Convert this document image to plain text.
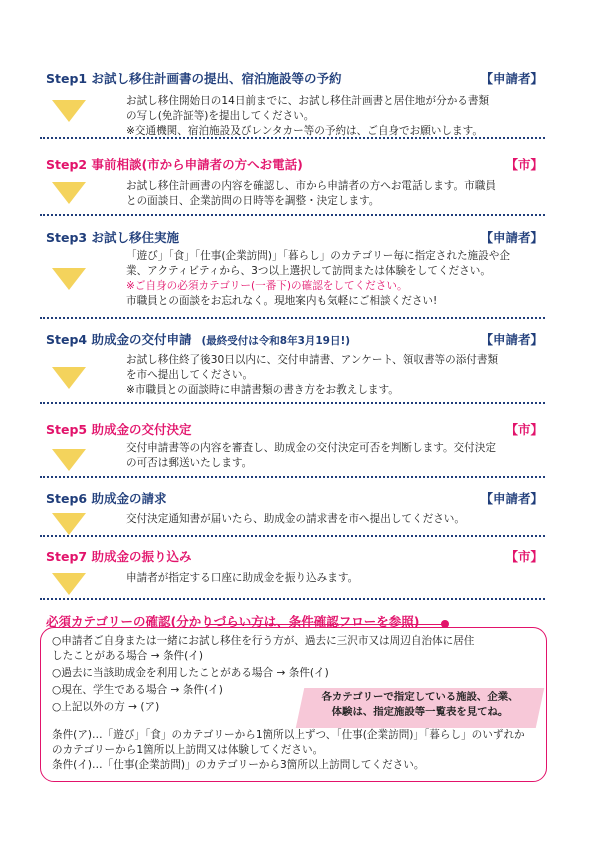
Step1 お試し移住計画書の提出、宿泊施設等の予約	【申請者】
お試し移住開始日の14日前までに、お試し移住計画書と居住地が分かる書類
の写し(免許証等)を提出してください。
※交通機関、宿泊施設及びレンタカー等の予約は、ご自身でお願いします。
Step2 事前相談(市から申請者の方へお電話)	【市】
お試し移住計画書の内容を確認し、市から申請者の方へお電話します。市職員
との面談日、企業訪問の日時等を調整・決定します。
Step3 お試し移住実施	【申請者】
「遊び」「食」「仕事(企業訪問)」「暮らし」のカテゴリー毎に指定された施設や企
業、アクティビティから、3つ以上選択して訪問または体験をしてください。
※ご自身の必須カテゴリー(一番下)の確認をしてください。
市職員との面談をお忘れなく。現地案内も気軽にご相談ください!
Step4 助成金の交付申請 (最終受付は令和8年3月19日!)	【申請者】
お試し移住終了後30日以内に、交付申請書、アンケート、領収書等の添付書類
を市へ提出してください。
※市職員との面談時に申請書類の書き方をお教えします。
Step5 助成金の交付決定	【市】
交付申請書等の内容を審査し、助成金の交付決定可否を判断します。交付決定
の可否は郵送いたします。
Step6 助成金の請求	【申請者】
交付決定通知書が届いたら、助成金の請求書を市へ提出してください。
Step7 助成金の振り込み	【市】
申請者が指定する口座に助成金を振り込みます。
必須カテゴリーの確認(分かりづらい方は、条件確認フローを参照)
○申請者ご自身または一緒にお試し移住を行う方が、過去に三沢市又は周辺自治体に居住
したことがある場合 → 条件(イ)
○過去に当該助成金を利用したことがある場合 → 条件(イ)
○現在、学生である場合 → 条件(イ)
○上記以外の方 → (ア)
各カテゴリーで指定している施設、企業、
体験は、指定施設等一覧表を見てね。
条件(ア)…「遊び」「食」のカテゴリーから1箇所以上ずつ、「仕事(企業訪問)」「暮らし」のいずれか
のカテゴリーから1箇所以上訪問又は体験してください。
条件(イ)…「仕事(企業訪問)」のカテゴリーから3箇所以上訪問してください。
